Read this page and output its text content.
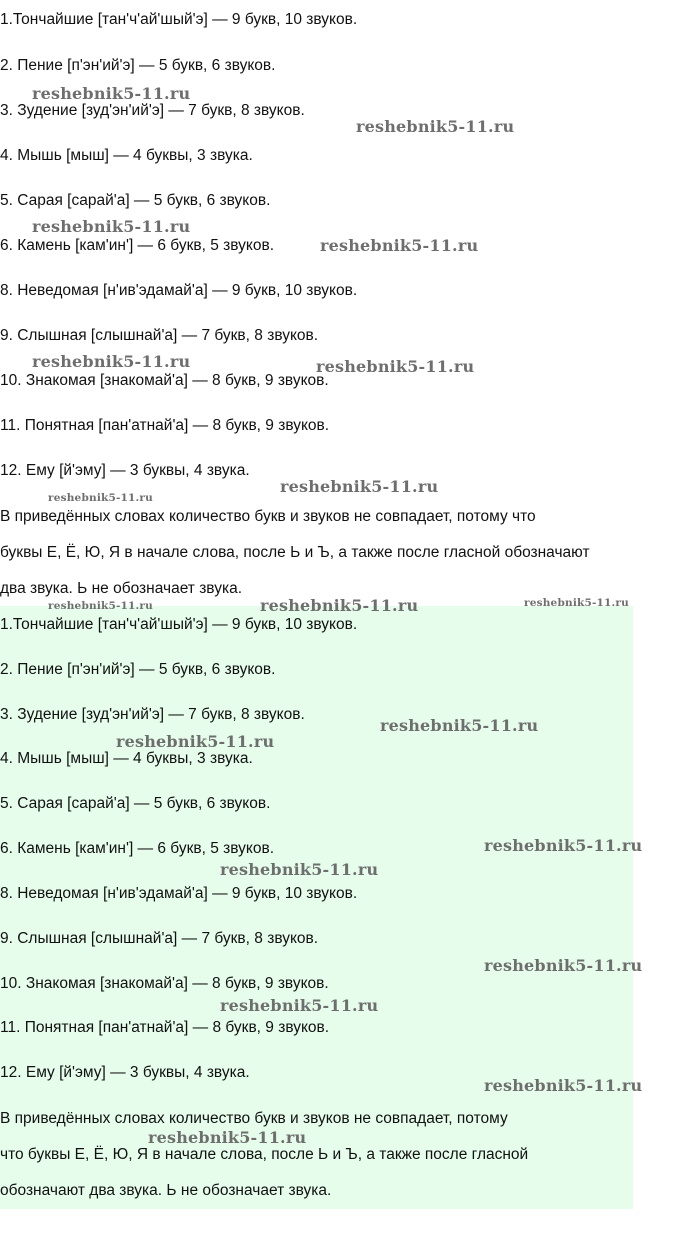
1.Тончайшие [тан'ч'ай'шый'э] — 9 букв, 10 звуков.

2. Пение [п'эн'ий'э] — 5 букв, 6 звуков.

3. Зудение [зуд'эн'ий'э] — 7 букв, 8 звуков.

4. Мышь [мыш] — 4 буквы, 3 звука.

5. Сарая [сарай'а] — 5 букв, 6 звуков.

6. Камень [кам'ин'] — 6 букв, 5 звуков.

8. Неведомая [н'ив'эдамай'а] — 9 букв, 10 звуков.

9. Слышная [слышнай'а] — 7 букв, 8 звуков.

10. Знакомая [знакомай'а] — 8 букв, 9 звуков.

11. Понятная [пан'атнай'а] — 8 букв, 9 звуков.

12. Ему [й'эму] — 3 буквы, 4 звука.

В приведённых словах количество букв и звуков не совпадает, потому что

буквы Е, Ё, Ю, Я в начале слова, после Ь и Ъ, а также после гласной обозначают

два звука. Ь не обозначает звука.

1.Тончайшие [тан'ч'ай'шый'э] — 9 букв, 10 звуков.

2. Пение [п'эн'ий'э] — 5 букв, 6 звуков.

3. Зудение [зуд'эн'ий'э] — 7 букв, 8 звуков.

4. Мышь [мыш] — 4 буквы, 3 звука.

5. Сарая [сарай'а] — 5 букв, 6 звуков.

6. Камень [кам'ин'] — 6 букв, 5 звуков.

8. Неведомая [н'ив'эдамай'а] — 9 букв, 10 звуков.

9. Слышная [слышнай'а] — 7 букв, 8 звуков.

10. Знакомая [знакомай'а] — 8 букв, 9 звуков.

11. Понятная [пан'атнай'а] — 8 букв, 9 звуков.

12. Ему [й'эму] — 3 буквы, 4 звука.

В приведённых словах количество букв и звуков не совпадает, потому

что буквы Е, Ё, Ю, Я в начале слова, после Ь и Ъ, а также после гласной

обозначают два звука. Ь не обозначает звука.

reshebnik5-11.ru
reshebnik5-11.ru
reshebnik5-11.ru
reshebnik5-11.ru
reshebnik5-11.ru	reshebnik5-11.ru
reshebnik5-11.ru
reshebnik5-11.ru
reshebnik5-11.ru	reshebnik5-11.ru	reshebnik5-11.ru
reshebnik5-11.ru
reshebnik5-11.ru
reshebnik5-11.ru
reshebnik5-11.ru
reshebnik5-11.ru
reshebnik5-11.ru
reshebnik5-11.ru
reshebnik5-11.ru
